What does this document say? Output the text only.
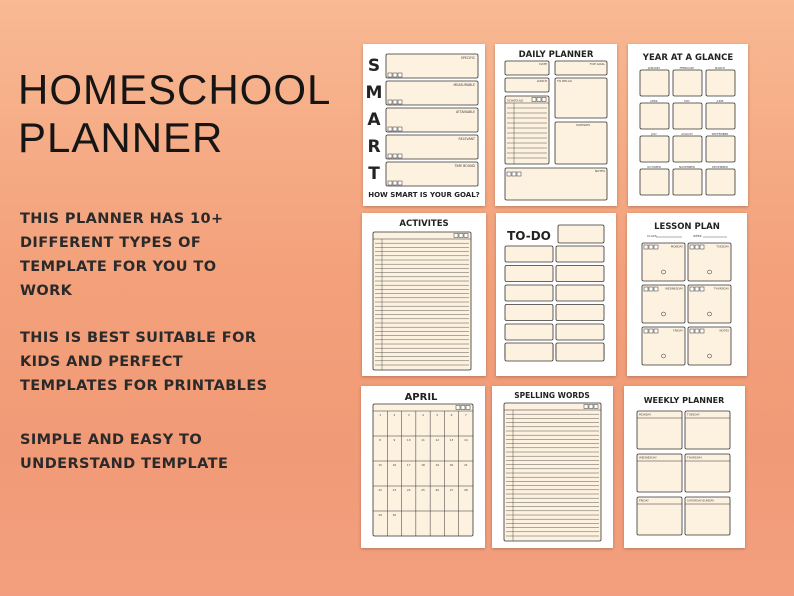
HOMESCHOOL
PLANNER
THIS PLANNER HAS 10+
DIFFERENT TYPES OF
TEMPLATE FOR YOU TO
WORK
THIS IS BEST SUITABLE FOR
KIDS AND PERFECT
TEMPLATES FOR PRINTABLES
SIMPLE AND EASY TO
UNDERSTAND TEMPLATE
S	SPECIFIC
M	MEASURABLE
A	ATTAINABLE
R	RELEVANT
T	TIME BOUND
HOW SMART IS YOUR GOAL?
DAILY PLANNER
DATE	TOP GOAL
LUNCH	TO RELAX
SCHEDULE
SUPPLIES
NOTES
YEAR AT A GLANCE
JANUARY	FEBRUARY	MARCH
APRIL	MAY	JUNE
JULY	AUGUST	SEPTEMBER
OCTOBER	NOVEMBER	DECEMBER
ACTIVITES
TO-DO
LESSON PLAN
CLASS	WEEK
MONDAY	TUESDAY
WEDNESDAY	THURSDAY
FRIDAY	NOTES
APRIL
1	2	3	4	5	6	7
8	9	10	11	12	13	14
15	16	17	18	19	20	21
22	23	24	25	26	27	28
29	30
SPELLING WORDS
WEEKLY PLANNER
MONDAY	TUESDAY
WEDNESDAY	THURSDAY
FRIDAY	SATURDAY/SUNDAY
